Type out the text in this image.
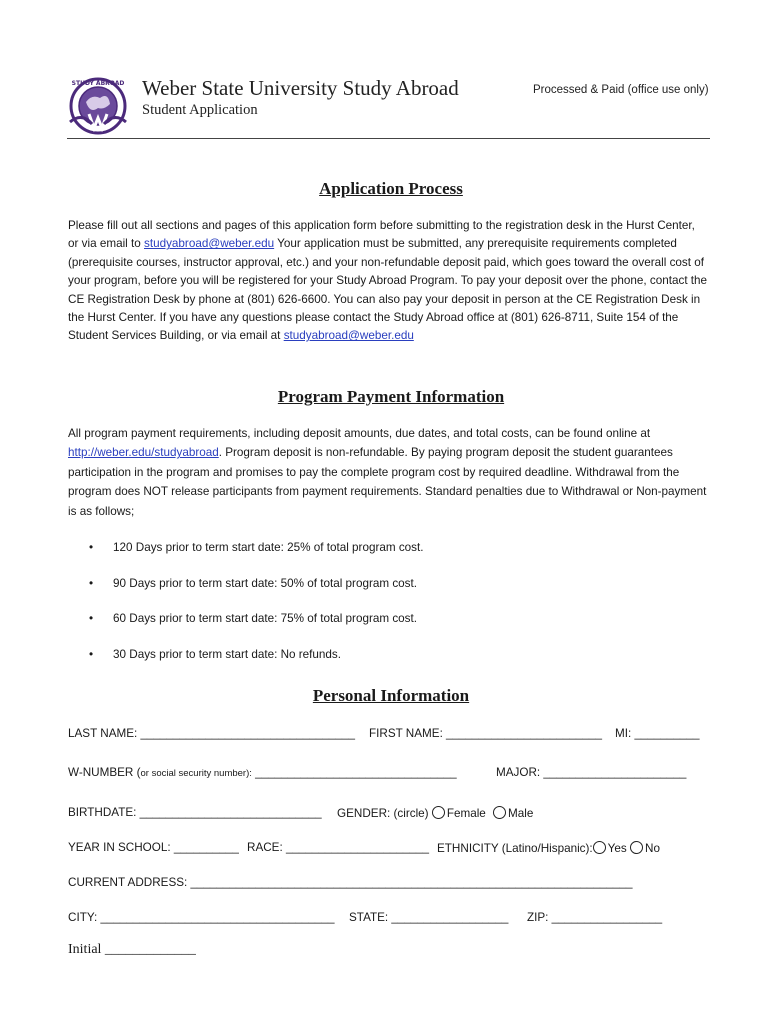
STUDY ABROAD Weber State University Study Abroad
Student Application
Processed & Paid (office use only)
Application Process
Please fill out all sections and pages of this application form before submitting to the registration desk in the Hurst Center, or via email to studyabroad@weber.edu Your application must be submitted, any prerequisite requirements completed (prerequisite courses, instructor approval, etc.) and your non-refundable deposit paid, which goes toward the overall cost of your program, before you will be registered for your Study Abroad Program. To pay your deposit over the phone, contact the CE Registration Desk by phone at (801) 626-6600. You can also pay your deposit in person at the CE Registration Desk in the Hurst Center. If you have any questions please contact the Study Abroad office at (801) 626-8711, Suite 154 of the Student Services Building, or via email at studyabroad@weber.edu
Program Payment Information
All program payment requirements, including deposit amounts, due dates, and total costs, can be found online at http://weber.edu/studyabroad. Program deposit is non-refundable. By paying program deposit the student guarantees participation in the program and promises to pay the complete program cost by required deadline. Withdrawal from the program does NOT release participants from payment requirements. Standard penalties due to Withdrawal or Non-payment is as follows;
• 120 Days prior to term start date: 25% of total program cost.
• 90 Days prior to term start date: 50% of total program cost.
• 60 Days prior to term start date: 75% of total program cost.
• 30 Days prior to term start date: No refunds.
Personal Information
LAST NAME: _________________________________ FIRST NAME: ________________________ MI: __________
W-NUMBER (or social security number): _______________________________	MAJOR: ______________________
BIRTHDATE: ____________________________ GENDER: (circle) Female Male
YEAR IN SCHOOL: __________ RACE: ______________________ ETHNICITY (Latino/Hispanic): Yes No
CURRENT ADDRESS: ____________________________________________________________________
CITY: ____________________________________ STATE: __________________ ZIP: _________________
Initial _____________
